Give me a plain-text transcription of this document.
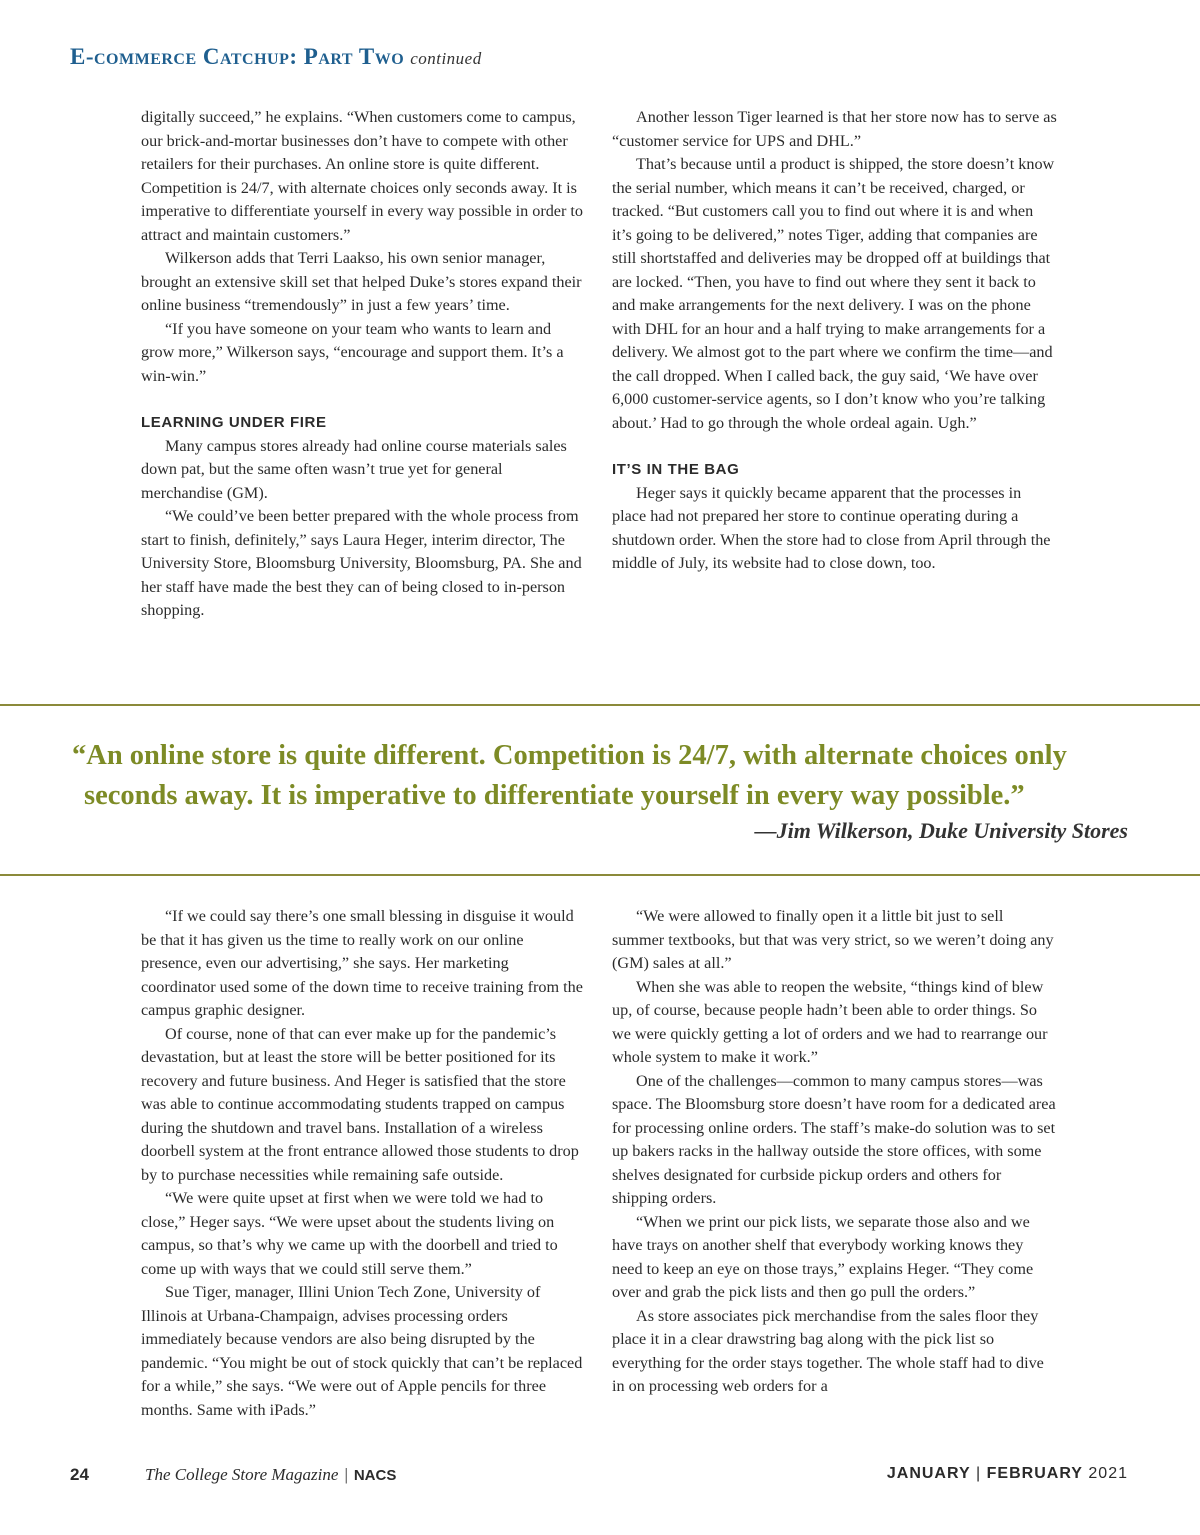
E-commerce Catchup: Part Two continued

digitally succeed,” he explains. “When customers come to campus, our brick-and-mortar businesses don’t have to compete with other retailers for their purchases. An online store is quite different. Competition is 24/7, with alternate choices only seconds away. It is imperative to differentiate yourself in every way possible in order to attract and maintain customers.”

Wilkerson adds that Terri Laakso, his own senior manager, brought an extensive skill set that helped Duke’s stores expand their online business “tremendously” in just a few years’ time.

“If you have someone on your team who wants to learn and grow more,” Wilkerson says, “encourage and support them. It’s a win-win.”

LEARNING UNDER FIRE

Many campus stores already had online course materials sales down pat, but the same often wasn’t true yet for general merchandise (GM).

“We could’ve been better prepared with the whole process from start to finish, definitely,” says Laura Heger, interim director, The University Store, Bloomsburg University, Bloomsburg, PA. She and her staff have made the best they can of being closed to in-person shopping.

Another lesson Tiger learned is that her store now has to serve as “customer service for UPS and DHL.”

That’s because until a product is shipped, the store doesn’t know the serial number, which means it can’t be received, charged, or tracked. “But customers call you to find out where it is and when it’s going to be delivered,” notes Tiger, adding that companies are still shortstaffed and deliveries may be dropped off at buildings that are locked. “Then, you have to find out where they sent it back to and make arrangements for the next delivery. I was on the phone with DHL for an hour and a half trying to make arrangements for a delivery. We almost got to the part where we confirm the time—and the call dropped. When I called back, the guy said, ‘We have over 6,000 customer-service agents, so I don’t know who you’re talking about.’ Had to go through the whole ordeal again. Ugh.”

IT’S IN THE BAG

Heger says it quickly became apparent that the processes in place had not prepared her store to continue operating during a shutdown order. When the store had to close from April through the middle of July, its website had to close down, too.

“An online store is quite different. Competition is 24/7, with alternate choices only
seconds away. It is imperative to differentiate yourself in every way possible.”
—Jim Wilkerson, Duke University Stores

“If we could say there’s one small blessing in disguise it would be that it has given us the time to really work on our online presence, even our advertising,” she says. Her marketing coordinator used some of the down time to receive training from the campus graphic designer.

Of course, none of that can ever make up for the pandemic’s devastation, but at least the store will be better positioned for its recovery and future business. And Heger is satisfied that the store was able to continue accommodating students trapped on campus during the shutdown and travel bans. Installation of a wireless doorbell system at the front entrance allowed those students to drop by to purchase necessities while remaining safe outside.

“We were quite upset at first when we were told we had to close,” Heger says. “We were upset about the students living on campus, so that’s why we came up with the doorbell and tried to come up with ways that we could still serve them.”

Sue Tiger, manager, Illini Union Tech Zone, University of Illinois at Urbana-Champaign, advises processing orders immediately because vendors are also being disrupted by the pandemic. “You might be out of stock quickly that can’t be replaced for a while,” she says. “We were out of Apple pencils for three months. Same with iPads.”

“We were allowed to finally open it a little bit just to sell summer textbooks, but that was very strict, so we weren’t doing any (GM) sales at all.”

When she was able to reopen the website, “things kind of blew up, of course, because people hadn’t been able to order things. So we were quickly getting a lot of orders and we had to rearrange our whole system to make it work.”

One of the challenges—common to many campus stores—was space. The Bloomsburg store doesn’t have room for a dedicated area for processing online orders. The staff’s make-do solution was to set up bakers racks in the hallway outside the store offices, with some shelves designated for curbside pickup orders and others for shipping orders.

“When we print our pick lists, we separate those also and we have trays on another shelf that everybody working knows they need to keep an eye on those trays,” explains Heger. “They come over and grab the pick lists and then go pull the orders.”

As store associates pick merchandise from the sales floor they place it in a clear drawstring bag along with the pick list so everything for the order stays together. The whole staff had to dive in on processing web orders for a

24	The College Store Magazine | NACS	JANUARY | FEBRUARY 2021
